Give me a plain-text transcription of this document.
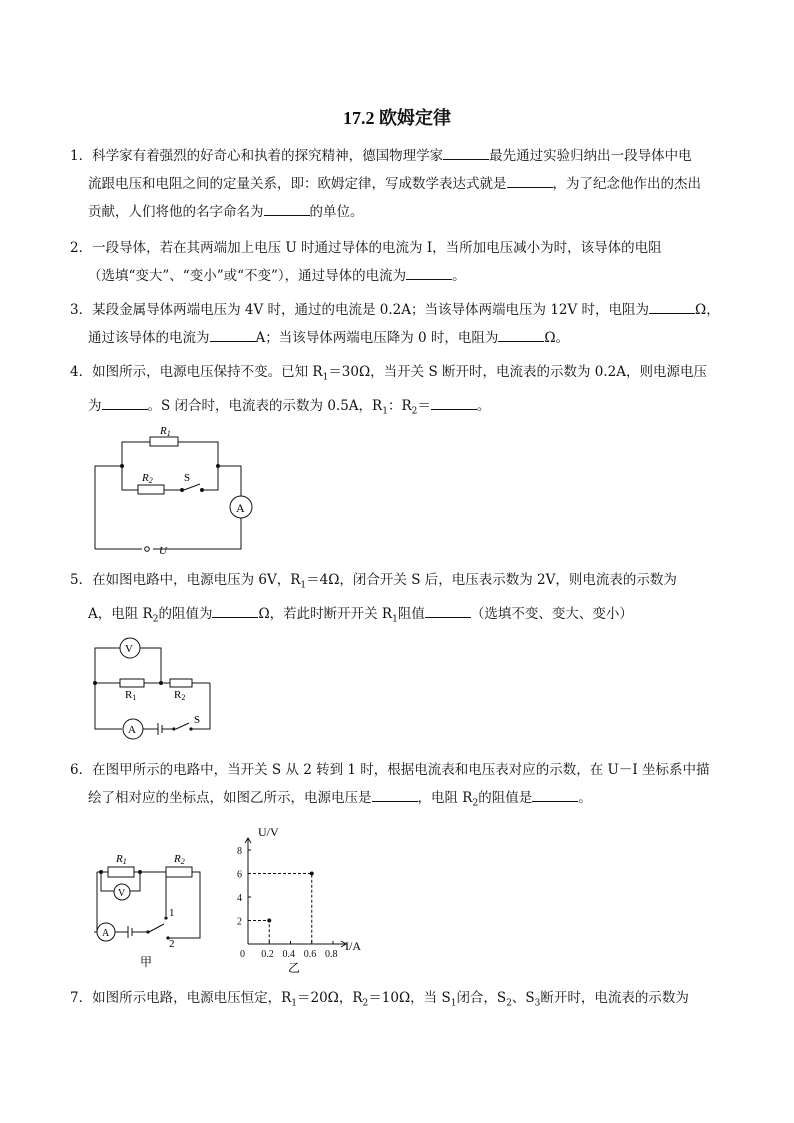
17.2 欧姆定律
1．科学家有着强烈的好奇心和执着的探究精神，德国物理学家	最先通过实验归纳出一段导体中电
流跟电压和电阻之间的定量关系，即：欧姆定律，写成数学表达式就是	，为了纪念他作出的杰出
贡献，人们将他的名字命名为	的单位。
2．一段导体，若在其两端加上电压 U 时通过导体的电流为 I，当所加电压减小为时，该导体的电阻
（选填“变大”、“变小”或“不变”），通过导体的电流为	。
3．某段金属导体两端电压为 4V 时，通过的电流是 0.2A；当该导体两端电压为 12V 时，电阻为	Ω，
通过该导体的电流为	A；当该导体两端电压降为 0 时，电阻为	Ω。
4．如图所示，电源电压保持不变。已知 $R_1=30\Omega$，当开关 S 断开时，电流表的示数为 0.2A，则电源电压
为	。S 闭合时，电流表的示数为 0.5A，$R_1$：$R_2=$	。
R1
R2	S
A
U
5．在如图电路中，电源电压为 6V，$R_1=4\Omega$，闭合开关 S 后，电压表示数为 2V，则电流表的示数为
A，电阻 $R_2$的阻值为	Ω，若此时断开开关 $R_1$阻值	（选填不变、变大、变小）
V
R1	R2
A
S
6．在图甲所示的电路中，当开关 S 从 2 转到 1 时，根据电流表和电压表对应的示数，在 U－I 坐标系中描
绘了相对应的坐标点，如图乙所示，电源电压是	，电阻 $R_2$的阻值是	。
R1	R2
V
A
1
2
甲
U/V
I/A
乙
2
4
6
8
0 0.2 0.4 0.6 0.8
7．如图所示电路，电源电压恒定，$R_1=20\Omega$，$R_2=10\Omega$，当 $S_1$闭合，$S_2$、$S_3$断开时，电流表的示数为
